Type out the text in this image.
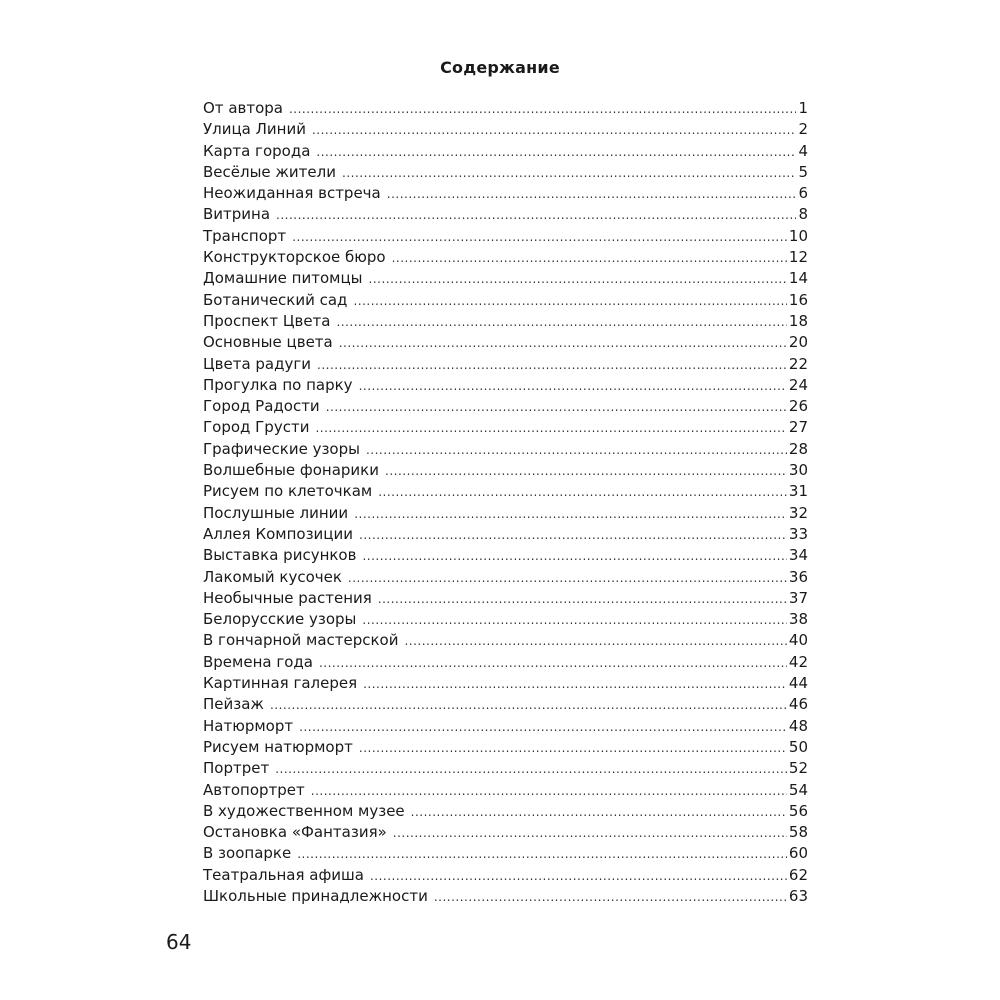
Содержание
От автора .....	1
Улица Линий .....	2
Карта города .....	4
Весёлые жители .....	5
Неожиданная встреча .....	6
Витрина .....	8
Транспорт .....	10
Конструкторское бюро .....	12
Домашние питомцы .....	14
Ботанический сад .....	16
Проспект Цвета .....	18
Основные цвета .....	20
Цвета радуги .....	22
Прогулка по парку .....	24
Город Радости .....	26
Город Грусти .....	27
Графические узоры .....	28
Волшебные фонарики .....	30
Рисуем по клеточкам .....	31
Послушные линии .....	32
Аллея Композиции .....	33
Выставка рисунков .....	34
Лакомый кусочек .....	36
Необычные растения .....	37
Белорусские узоры .....	38
В гончарной мастерской .....	40
Времена года .....	42
Картинная галерея .....	44
Пейзаж .....	46
Натюрморт .....	48
Рисуем натюрморт .....	50
Портрет .....	52
Автопортрет .....	54
В художественном музее .....	56
Остановка «Фантазия» .....	58
В зоопарке .....	60
Театральная афиша .....	62
Школьные принадлежности .....	63
64
